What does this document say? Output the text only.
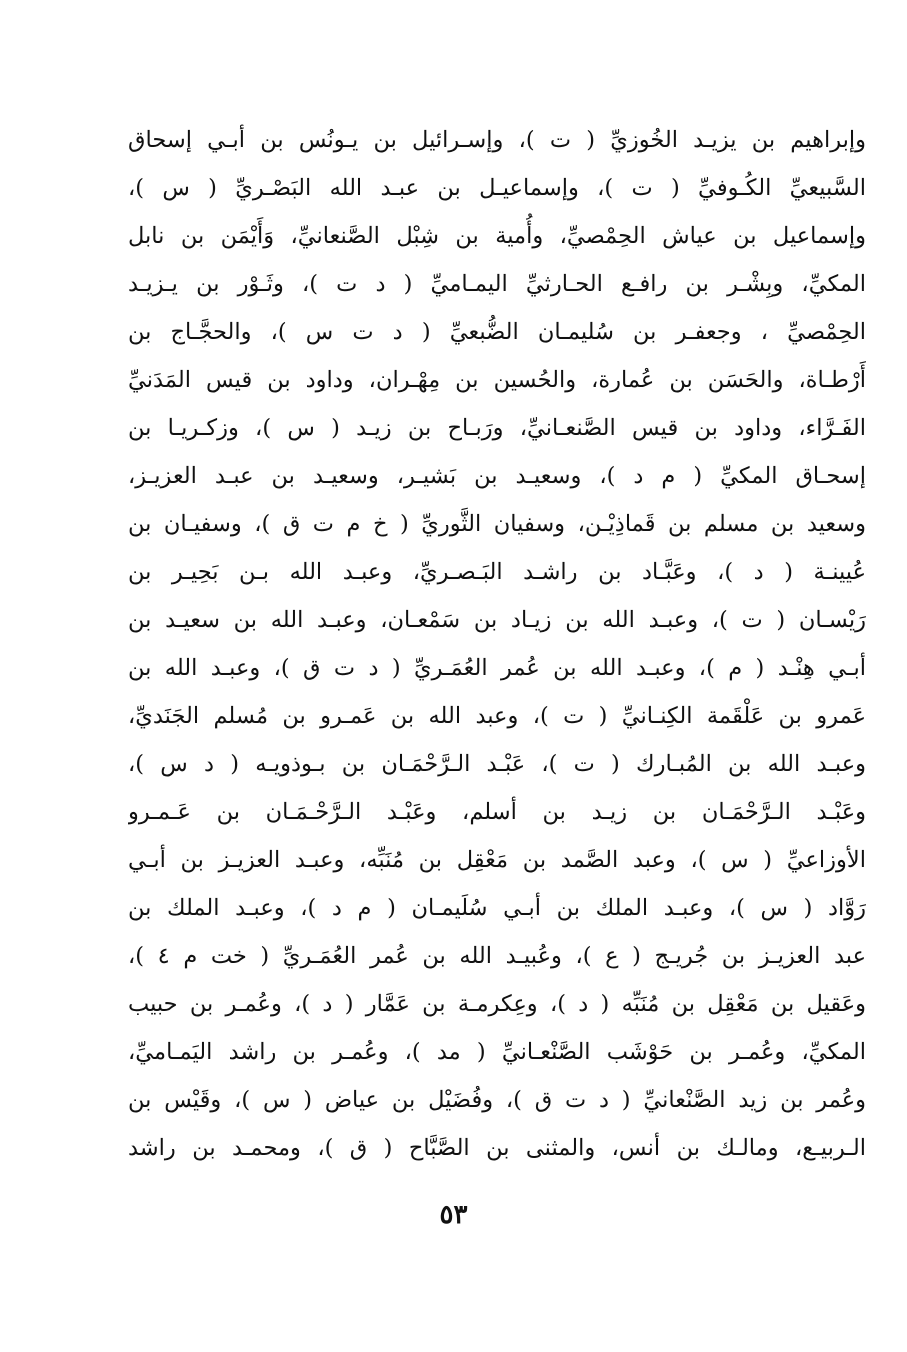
وإبراهيم بن يزيـد الخُوزيِّ ( ت )، وإسـرائيل بن يـونُس بن أبـي إسحاق
السَّبيعيِّ الكُـوفيِّ ( ت )، وإسماعيـل بن عبـد الله البَصْـريِّ ( س )،
وإسماعيل بن عياش الحِمْصيِّ، وأُمية بن شِبْل الصَّنعانيِّ، وَأَيْمَن بن نابل
المكيِّ، وبِشْـر بن رافـع الحـارثيِّ اليمـاميِّ ( د ت )، وثَـوْر بن يـزيـد
الحِمْصيِّ ، وجعفـر بن سُليمـان الضُّبعيِّ ( د ت س )، والحجَّـاج بن
أَرْطـاة، والحَسَن بن عُمارة، والحُسين بن مِهْـران، وداود بن قيس المَدَنيِّ
الفَـرَّاء، وداود بن قيس الصَّنعـانيِّ، ورَبـاح بن زيـد ( س )، وزكـريـا بن
إسحـاق المكيِّ ( م د )، وسعيـد بن بَشيـر، وسعيـد بن عبـد العزيـز،
وسعيد بن مسلم بن قَماذِيْـن، وسفيان الثَّوريِّ ( خ م ت ق )، وسفيـان بن
عُيينـة ( د )، وعَبَّـاد بن راشـد البَـصـريِّ، وعبـد الله بـن بَحِيـر بن
رَيْسـان ( ت )، وعبـد الله بن زيـاد بن سَمْعـان، وعبـد الله بن سعيـد بن
أبـي هِنْـد ( م )، وعبـد الله بن عُمر العُمَـريِّ ( د ت ق )، وعبـد الله بن
عَمرو بن عَلْقَمة الكِنـانيِّ ( ت )، وعبد الله بن عَمـرو بن مُسلم الجَنَديِّ،
وعبـد الله بن المُبـارك ( ت )، عَبْـد الـرَّحْمَـان بن بـوذويـه ( د س )،
وعَبْـد الـرَّحْمَـان بن زيـد بن أسلم، وعَبْـد الـرَّحْـمَـان بن عَـمـرو
الأوزاعيِّ ( س )، وعبد الصَّمد بن مَعْقِل بن مُنَبِّه، وعبـد العزيـز بن أبـي
رَوَّاد ( س )، وعبـد الملك بن أبـي سُلَيمـان ( م د )، وعبـد الملك بن
عبد العزيـز بن جُريـج ( ع )، وعُبيـد الله بن عُمر العُمَـريِّ ( خت م ٤ )،
وعَقيل بن مَعْقِل بن مُنَبِّه ( د )، وعِكرمـة بن عَمَّار ( د )، وعُمـر بن حبيب
المكيِّ، وعُمـر بن حَوْشَب الصَّنْعـانيِّ ( مد )، وعُمـر بن راشد اليَمـاميِّ،
وعُمر بن زيد الصَّنْعانيِّ ( د ت ق )، وفُضَيْل بن عياض ( س )، وقَيْس بن
الـربيـع، ومالـك بن أنس، والمثنى بن الصَّبَّاح ( ق )، ومحمـد بن راشد
٥٣
